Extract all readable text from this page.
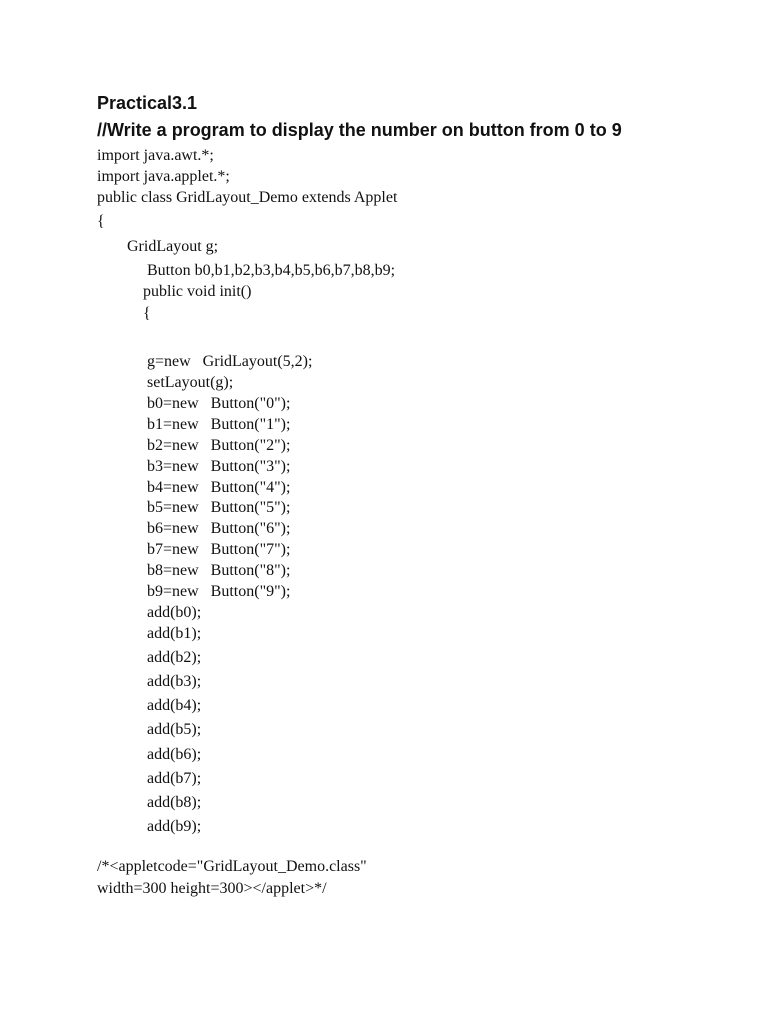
Practical3.1
//Write a program to display the number on button from 0 to 9
import java.awt.*;
import java.applet.*;
public class GridLayout_Demo extends Applet
{
GridLayout g;
Button b0,b1,b2,b3,b4,b5,b6,b7,b8,b9;
public void init()
{
g=new   GridLayout(5,2);
setLayout(g);
b0=new   Button("0");
b1=new   Button("1");
b2=new   Button("2");
b3=new   Button("3");
b4=new   Button("4");
b5=new   Button("5");
b6=new   Button("6");
b7=new   Button("7");
b8=new   Button("8");
b9=new   Button("9");
add(b0);
add(b1);
add(b2);
add(b3);
add(b4);
add(b5);
add(b6);
add(b7);
add(b8);
add(b9);
/*<appletcode="GridLayout_Demo.class"
width=300 height=300></applet>*/
